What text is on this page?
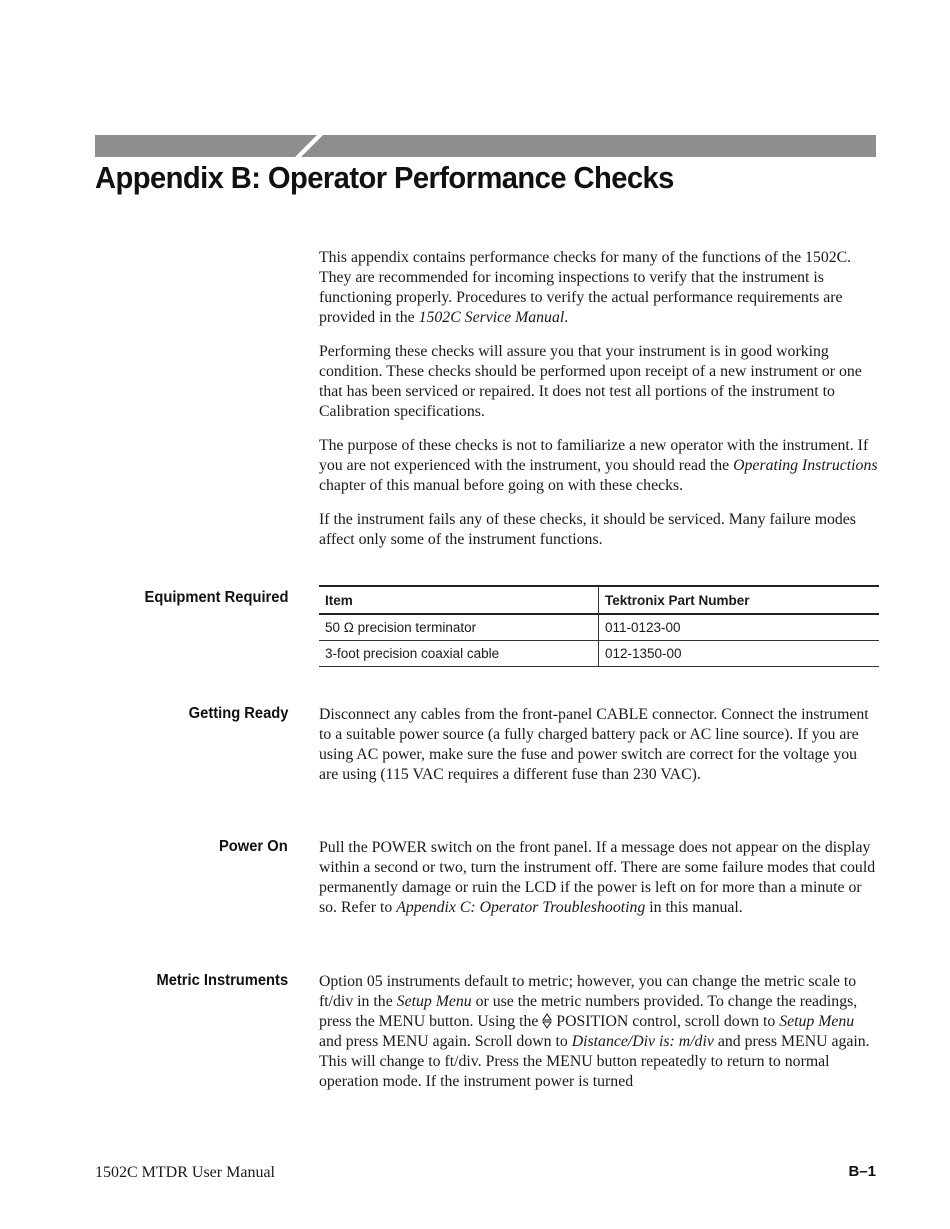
Appendix B: Operator Performance Checks

This appendix contains performance checks for many of the functions of the 1502C. They are recommended for incoming inspections to verify that the instrument is functioning properly. Procedures to verify the actual performance requirements are provided in the 1502C Service Manual.

Performing these checks will assure you that your instrument is in good working condition. These checks should be performed upon receipt of a new instrument or one that has been serviced or repaired. It does not test all portions of the instrument to Calibration specifications.

The purpose of these checks is not to familiarize a new operator with the instrument. If you are not experienced with the instrument, you should read the Operating Instructions chapter of this manual before going on with these checks.

If the instrument fails any of these checks, it should be serviced. Many failure modes affect only some of the instrument functions.

Equipment Required	Item	Tektronix Part Number
50 Ω precision terminator	011-0123-00
3-foot precision coaxial cable	012-1350-00
Getting Ready Disconnect any cables from the front-panel CABLE connector. Connect the instrument to a suitable power source (a fully charged battery pack or AC line source). If you are using AC power, make sure the fuse and power switch are correct for the voltage you are using (115 VAC requires a different fuse than 230 VAC).

Power On Pull the POWER switch on the front panel. If a message does not appear on the display within a second or two, turn the instrument off. There are some failure modes that could permanently damage or ruin the LCD if the power is left on for more than a minute or so. Refer to Appendix C: Operator Troubleshooting in this manual.

Metric Instruments Option 05 instruments default to metric; however, you can change the metric scale to ft/div in the Setup Menu or use the metric numbers provided. To change the readings, press the MENU button. Using the  POSITION control, scroll down to Setup Menu and press MENU again. Scroll down to Distance/Div is: m/div and press MENU again. This will change to ft/div. Press the MENU button repeatedly to return to normal operation mode. If the instrument power is turned

1502C MTDR User Manual	B–1
